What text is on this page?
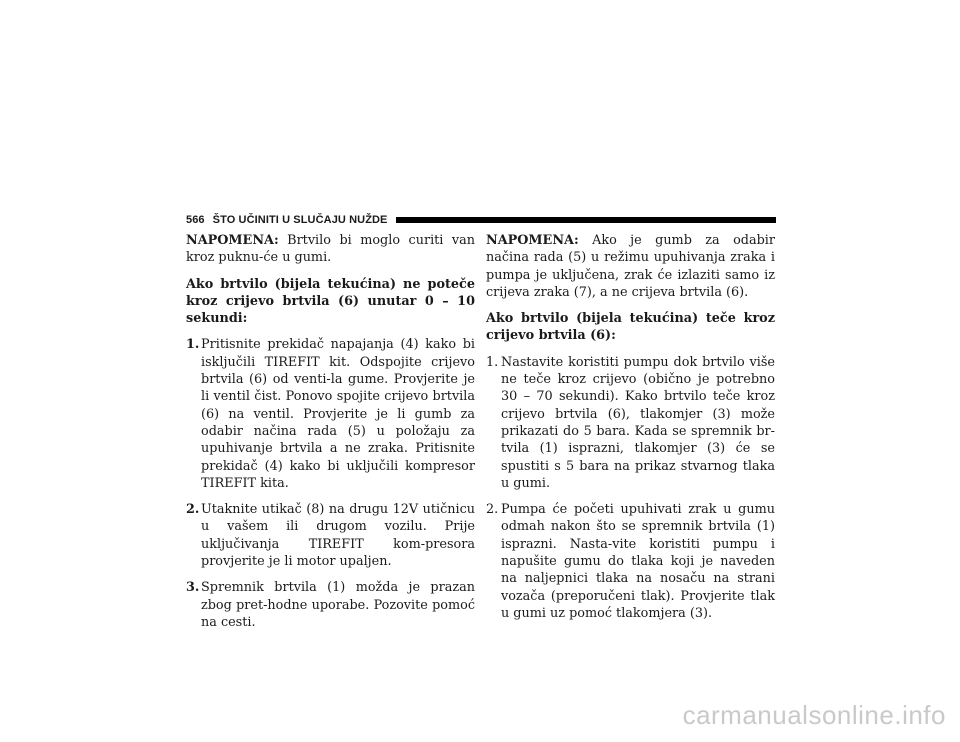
566 ŠTO UČINITI U SLUČAJU NUŽDE

NAPOMENA: Brtvilo bi moglo curiti van kroz puknu-će u gumi.

Ako brtvilo (bijela tekućina) ne poteče kroz crijevo brtvila (6) unutar 0 – 10 sekundi:

1. Pritisnite prekidač napajanja (4) kako bi isključili TIREFIT kit. Odspojite crijevo brtvila (6) od venti-la gume. Provjerite je li ventil čist. Ponovo spojite crijevo brtvila (6) na ventil. Provjerite je li gumb za odabir načina rada (5) u položaju za upuhivanje brtvila a ne zraka. Pritisnite prekidač (4) kako bi uključili kompresor TIREFIT kita.
2. Utaknite utikač (8) na drugu 12V utičnicu u vašem ili drugom vozilu. Prije uključivanja TIREFIT kom-presora provjerite je li motor upaljen.
3. Spremnik brtvila (1) možda je prazan zbog pret-hodne uporabe. Pozovite pomoć na cesti.

NAPOMENA: Ako je gumb za odabir načina rada (5) u režimu upuhivanja zraka i pumpa je uključena, zrak će izlaziti samo iz crijeva zraka (7), a ne crijeva brtvila (6).

Ako brtvilo (bijela tekućina) teče kroz crijevo brtvila (6):

1. Nastavite koristiti pumpu dok brtvilo više ne teče kroz crijevo (obično je potrebno 30 – 70 sekundi). Kako brtvilo teče kroz crijevo brtvila (6), tlakomjer (3) može prikazati do 5 bara. Kada se spremnik br-tvila (1) isprazni, tlakomjer (3) će se spustiti s 5 bara na prikaz stvarnog tlaka u gumi.
2. Pumpa će početi upuhivati zrak u gumu odmah nakon što se spremnik brtvila (1) isprazni. Nasta-vite koristiti pumpu i napušite gumu do tlaka koji je naveden na naljepnici tlaka na nosaču na strani vozača (preporučeni tlak). Provjerite tlak u gumi uz pomoć tlakomjera (3).
carmanualsonline.info
